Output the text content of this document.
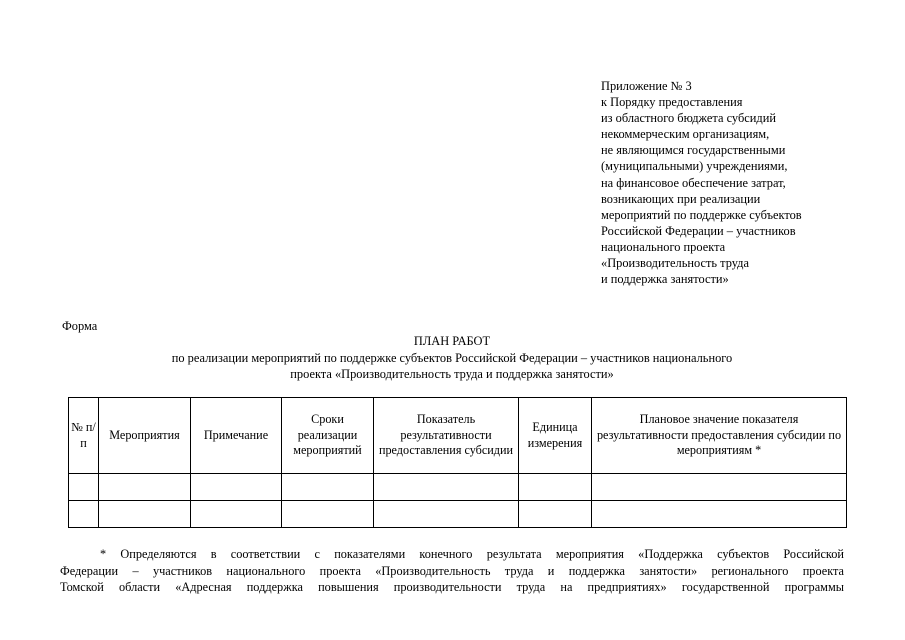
Приложение № 3
к Порядку предоставления
из областного бюджета субсидий
некоммерческим организациям,
не являющимся государственными
(муниципальными) учреждениями,
на финансовое обеспечение затрат,
возникающих при реализации
мероприятий по поддержке субъектов
Российской Федерации – участников
национального проекта
«Производительность труда
и поддержка занятости»
Форма
ПЛАН РАБОТ
по реализации мероприятий по поддержке субъектов Российской Федерации – участников национального
проекта «Производительность труда и поддержка занятости»
№ п/п	Мероприятия	Примечание	Сроки реализации мероприятий	Показатель результативности предоставления субсидии	Единица измерения	Плановое значение показателя результативности предоставления субсидии по мероприятиям *

* Определяются в соответствии с показателями конечного результата мероприятия «Поддержка субъектов Российской
Федерации – участников национального проекта «Производительность труда и поддержка занятости» регионального проекта
Томской области «Адресная поддержка повышения производительности труда на предприятиях» государственной программы
